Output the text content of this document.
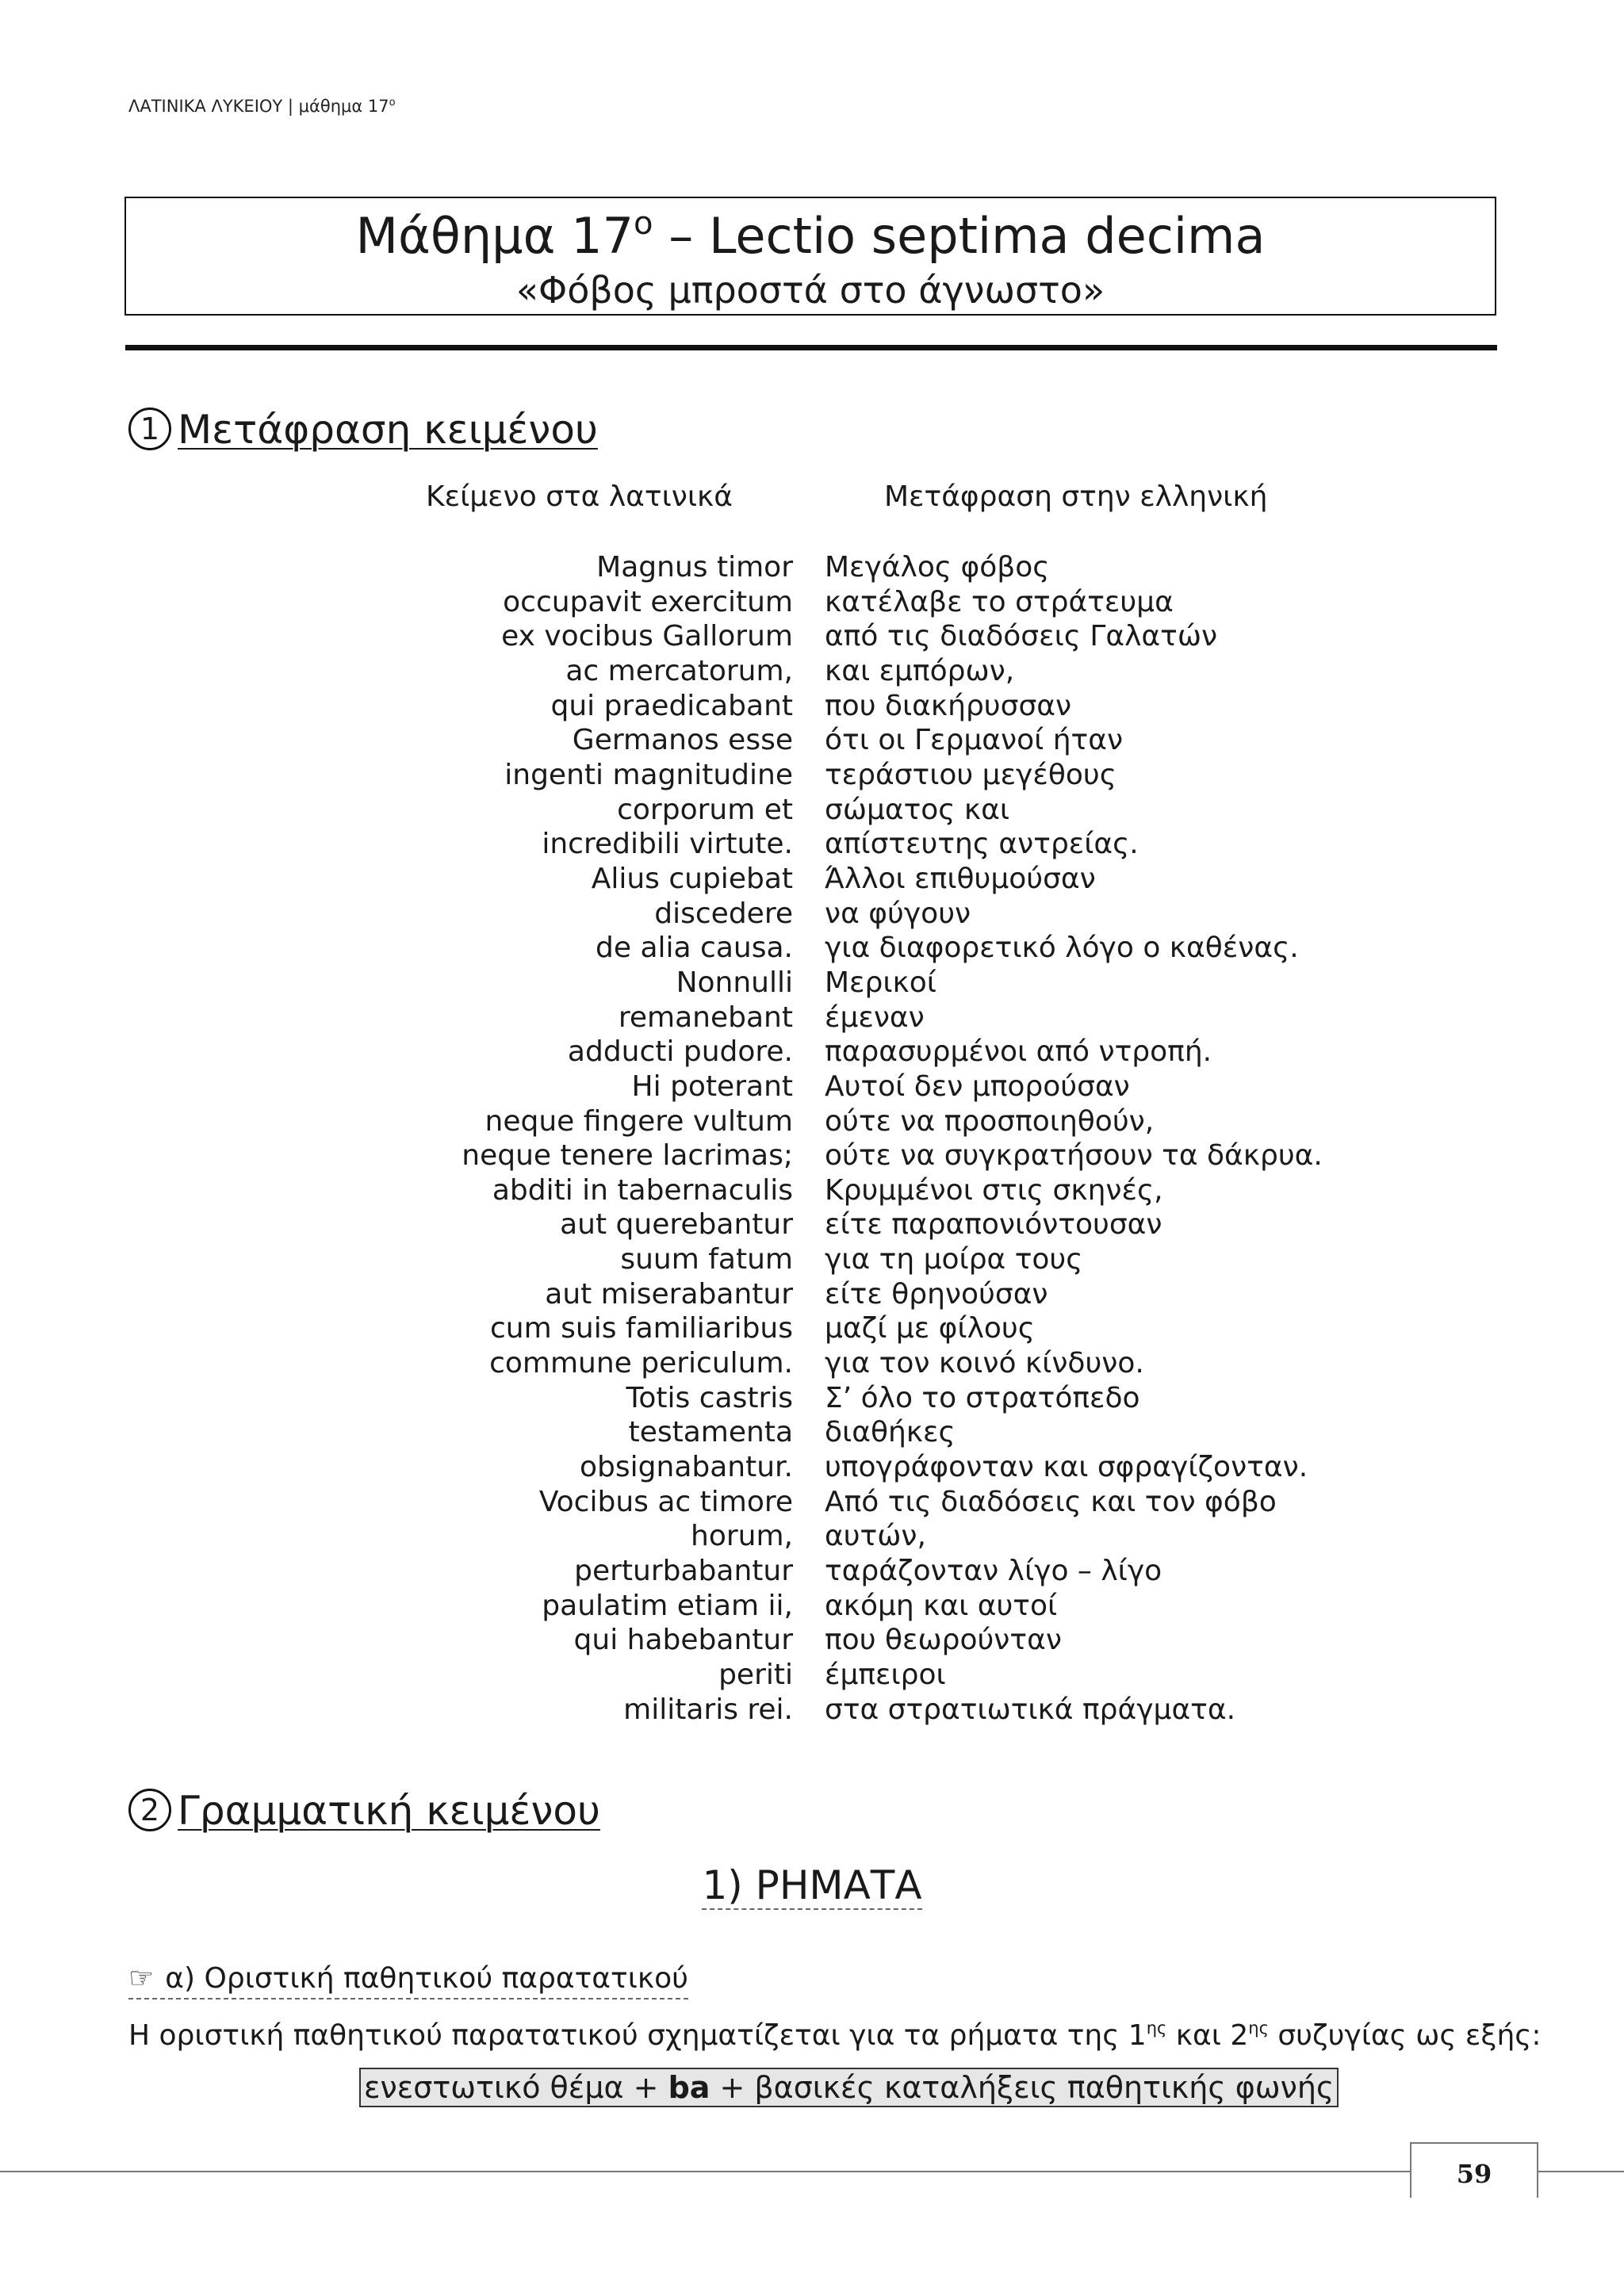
ΛΑΤΙΝΙΚΑ ΛΥΚΕΙΟΥ | μάθημα $17^o$
Μάθημα $17^o$ – Lectio septima decima
«Φόβος μπροστά στο άγνωστο»
1 Μετάφραση κειμένου
Κείμενο στα λατινικά	Μετάφραση στην ελληνική
Magnus timor
occupavit exercitum
ex vocibus Gallorum
ac mercatorum,
qui praedicabant
Germanos esse
ingenti magnitudine
corporum et
incredibili virtute.
Alius cupiebat
discedere
de alia causa.
Nonnulli
remanebant
adducti pudore.
Hi poterant
neque fingere vultum
neque tenere lacrimas;
abditi in tabernaculis
aut querebantur
suum fatum
aut miserabantur
cum suis familiaribus
commune periculum.
Totis castris
testamenta
obsignabantur.
Vocibus ac timore
horum,
perturbabantur
paulatim etiam ii,
qui habebantur
periti
militaris rei.
Μεγάλος φόβος
κατέλαβε το στράτευμα
από τις διαδόσεις Γαλατών
και εμπόρων,
που διακήρυσσαν
ότι οι Γερμανοί ήταν
τεράστιου μεγέθους
σώματος και
απίστευτης αντρείας.
Άλλοι επιθυμούσαν
να φύγουν
για διαφορετικό λόγο ο καθένας.
Μερικοί
έμεναν
παρασυρμένοι από ντροπή.
Αυτοί δεν μπορούσαν
ούτε να προσποιηθούν,
ούτε να συγκρατήσουν τα δάκρυα.
Κρυμμένοι στις σκηνές,
είτε παραπονιόντουσαν
για τη μοίρα τους
είτε θρηνούσαν
μαζί με φίλους
για τον κοινό κίνδυνο.
Σ’ όλο το στρατόπεδο
διαθήκες
υπογράφονταν και σφραγίζονταν.
Από τις διαδόσεις και τον φόβο
αυτών,
ταράζονταν λίγο – λίγο
ακόμη και αυτοί
που θεωρούνταν
έμπειροι
στα στρατιωτικά πράγματα.
2 Γραμματική κειμένου
1) ΡΗΜΑΤΑ
☞ α) Οριστική παθητικού παρατατικού
Η οριστική παθητικού παρατατικού σχηματίζεται για τα ρήματα της $1^{\eta\varsigma}$ και $2^{\eta\varsigma}$ συζυγίας ως εξής:
ενεστωτικό θέμα + ba + βασικές καταλήξεις παθητικής φωνής
59
